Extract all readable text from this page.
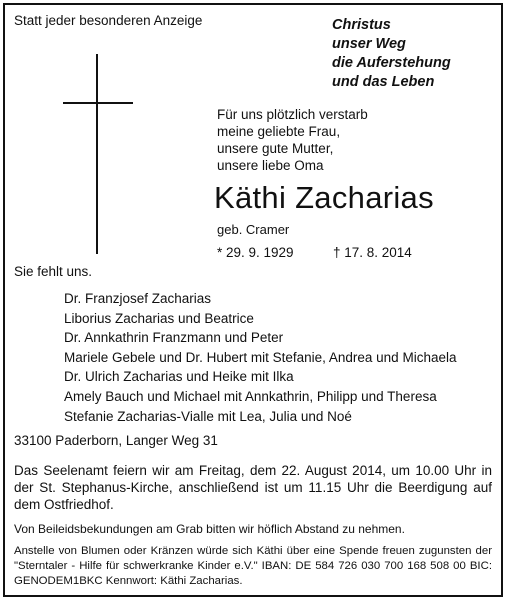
Statt jeder besonderen Anzeige	Christus
unser Weg
die Auferstehung
und das Leben
Für uns plötzlich verstarb
meine geliebte Frau,
unsere gute Mutter,
unsere liebe Oma
Käthi Zacharias
geb. Cramer
* 29. 9. 1929	† 17. 8. 2014
Sie fehlt uns.
Dr. Franzjosef Zacharias
Liborius Zacharias und Beatrice
Dr. Annkathrin Franzmann und Peter
Mariele Gebele und Dr. Hubert mit Stefanie, Andrea und Michaela
Dr. Ulrich Zacharias und Heike mit Ilka
Amely Bauch und Michael mit Annkathrin, Philipp und Theresa
Stefanie Zacharias-Vialle mit Lea, Julia und Noé
33100 Paderborn, Langer Weg 31
Das Seelenamt feiern wir am Freitag, dem 22. August 2014, um 10.00 Uhr in der St. Stephanus-Kirche, anschließend ist um 11.15 Uhr die Beerdigung auf dem Ostfriedhof.
Von Beileidsbekundungen am Grab bitten wir höflich Abstand zu nehmen.
Anstelle von Blumen oder Kränzen würde sich Käthi über eine Spende freuen zugunsten der "Sterntaler - Hilfe für schwerkranke Kinder e.V." IBAN: DE 584 726 030 700 168 508 00 BIC: GENODEM1BKC Kennwort: Käthi Zacharias.
